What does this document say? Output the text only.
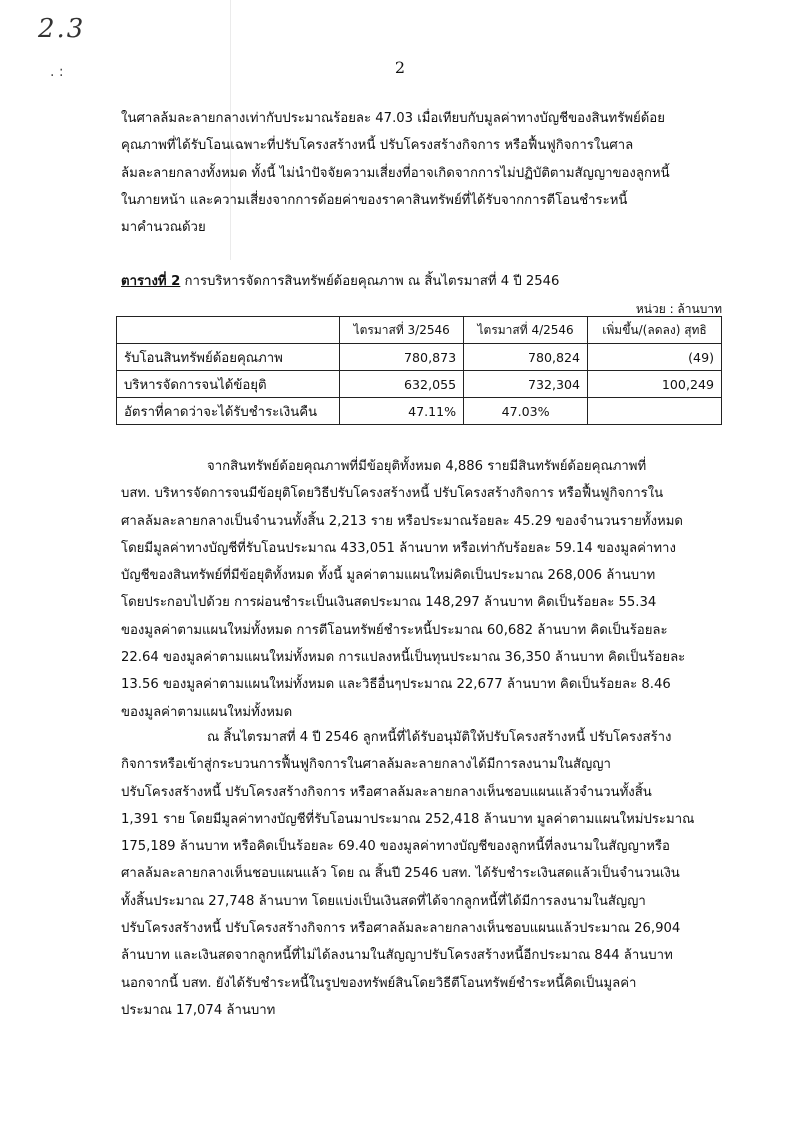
2.3
. :	2
ในศาลล้มละลายกลางเท่ากับประมาณร้อยละ 47.03 เมื่อเทียบกับมูลค่าทางบัญชีของสินทรัพย์ด้อย
คุณภาพที่ได้รับโอนเฉพาะที่ปรับโครงสร้างหนี้ ปรับโครงสร้างกิจการ หรือฟื้นฟูกิจการในศาล
ล้มละลายกลางทั้งหมด ทั้งนี้ ไม่นำปัจจัยความเสี่ยงที่อาจเกิดจากการไม่ปฏิบัติตามสัญญาของลูกหนี้
ในภายหน้า และความเสี่ยงจากการด้อยค่าของราคาสินทรัพย์ที่ได้รับจากการตีโอนชำระหนี้
มาคำนวณด้วย
ตารางที่ 2 การบริหารจัดการสินทรัพย์ด้อยคุณภาพ ณ สิ้นไตรมาสที่ 4 ปี 2546
หน่วย : ล้านบาท
	ไตรมาสที่ 3/2546	ไตรมาสที่ 4/2546	เพิ่มขึ้น/(ลดลง) สุทธิ
รับโอนสินทรัพย์ด้อยคุณภาพ	780,873	780,824	(49)
บริหารจัดการจนได้ข้อยุติ	632,055	732,304	100,249
อัตราที่คาดว่าจะได้รับชำระเงินคืน	47.11%	47.03%	
จากสินทรัพย์ด้อยคุณภาพที่มีข้อยุติทั้งหมด 4,886 รายมีสินทรัพย์ด้อยคุณภาพที่
บสท. บริหารจัดการจนมีข้อยุติโดยวิธีปรับโครงสร้างหนี้ ปรับโครงสร้างกิจการ หรือฟื้นฟูกิจการใน
ศาลล้มละลายกลางเป็นจำนวนทั้งสิ้น 2,213 ราย หรือประมาณร้อยละ 45.29 ของจำนวนรายทั้งหมด
โดยมีมูลค่าทางบัญชีที่รับโอนประมาณ 433,051 ล้านบาท หรือเท่ากับร้อยละ 59.14 ของมูลค่าทาง
บัญชีของสินทรัพย์ที่มีข้อยุติทั้งหมด ทั้งนี้ มูลค่าตามแผนใหม่คิดเป็นประมาณ 268,006 ล้านบาท
โดยประกอบไปด้วย การผ่อนชำระเป็นเงินสดประมาณ 148,297 ล้านบาท คิดเป็นร้อยละ 55.34
ของมูลค่าตามแผนใหม่ทั้งหมด การตีโอนทรัพย์ชำระหนี้ประมาณ 60,682 ล้านบาท คิดเป็นร้อยละ
22.64 ของมูลค่าตามแผนใหม่ทั้งหมด การแปลงหนี้เป็นทุนประมาณ 36,350 ล้านบาท คิดเป็นร้อยละ
13.56 ของมูลค่าตามแผนใหม่ทั้งหมด และวิธีอื่นๆประมาณ 22,677 ล้านบาท คิดเป็นร้อยละ 8.46
ของมูลค่าตามแผนใหม่ทั้งหมด
ณ สิ้นไตรมาสที่ 4 ปี 2546 ลูกหนี้ที่ได้รับอนุมัติให้ปรับโครงสร้างหนี้ ปรับโครงสร้าง
กิจการหรือเข้าสู่กระบวนการฟื้นฟูกิจการในศาลล้มละลายกลางได้มีการลงนามในสัญญา
ปรับโครงสร้างหนี้ ปรับโครงสร้างกิจการ หรือศาลล้มละลายกลางเห็นชอบแผนแล้วจำนวนทั้งสิ้น
1,391 ราย โดยมีมูลค่าทางบัญชีที่รับโอนมาประมาณ 252,418 ล้านบาท มูลค่าตามแผนใหม่ประมาณ
175,189 ล้านบาท หรือคิดเป็นร้อยละ 69.40 ของมูลค่าทางบัญชีของลูกหนี้ที่ลงนามในสัญญาหรือ
ศาลล้มละลายกลางเห็นชอบแผนแล้ว โดย ณ สิ้นปี 2546 บสท. ได้รับชำระเงินสดแล้วเป็นจำนวนเงิน
ทั้งสิ้นประมาณ 27,748 ล้านบาท โดยแบ่งเป็นเงินสดที่ได้จากลูกหนี้ที่ได้มีการลงนามในสัญญา
ปรับโครงสร้างหนี้ ปรับโครงสร้างกิจการ หรือศาลล้มละลายกลางเห็นชอบแผนแล้วประมาณ 26,904
ล้านบาท และเงินสดจากลูกหนี้ที่ไม่ได้ลงนามในสัญญาปรับโครงสร้างหนี้อีกประมาณ 844 ล้านบาท
นอกจากนี้ บสท. ยังได้รับชำระหนี้ในรูปของทรัพย์สินโดยวิธีตีโอนทรัพย์ชำระหนี้คิดเป็นมูลค่า
ประมาณ 17,074 ล้านบาท
